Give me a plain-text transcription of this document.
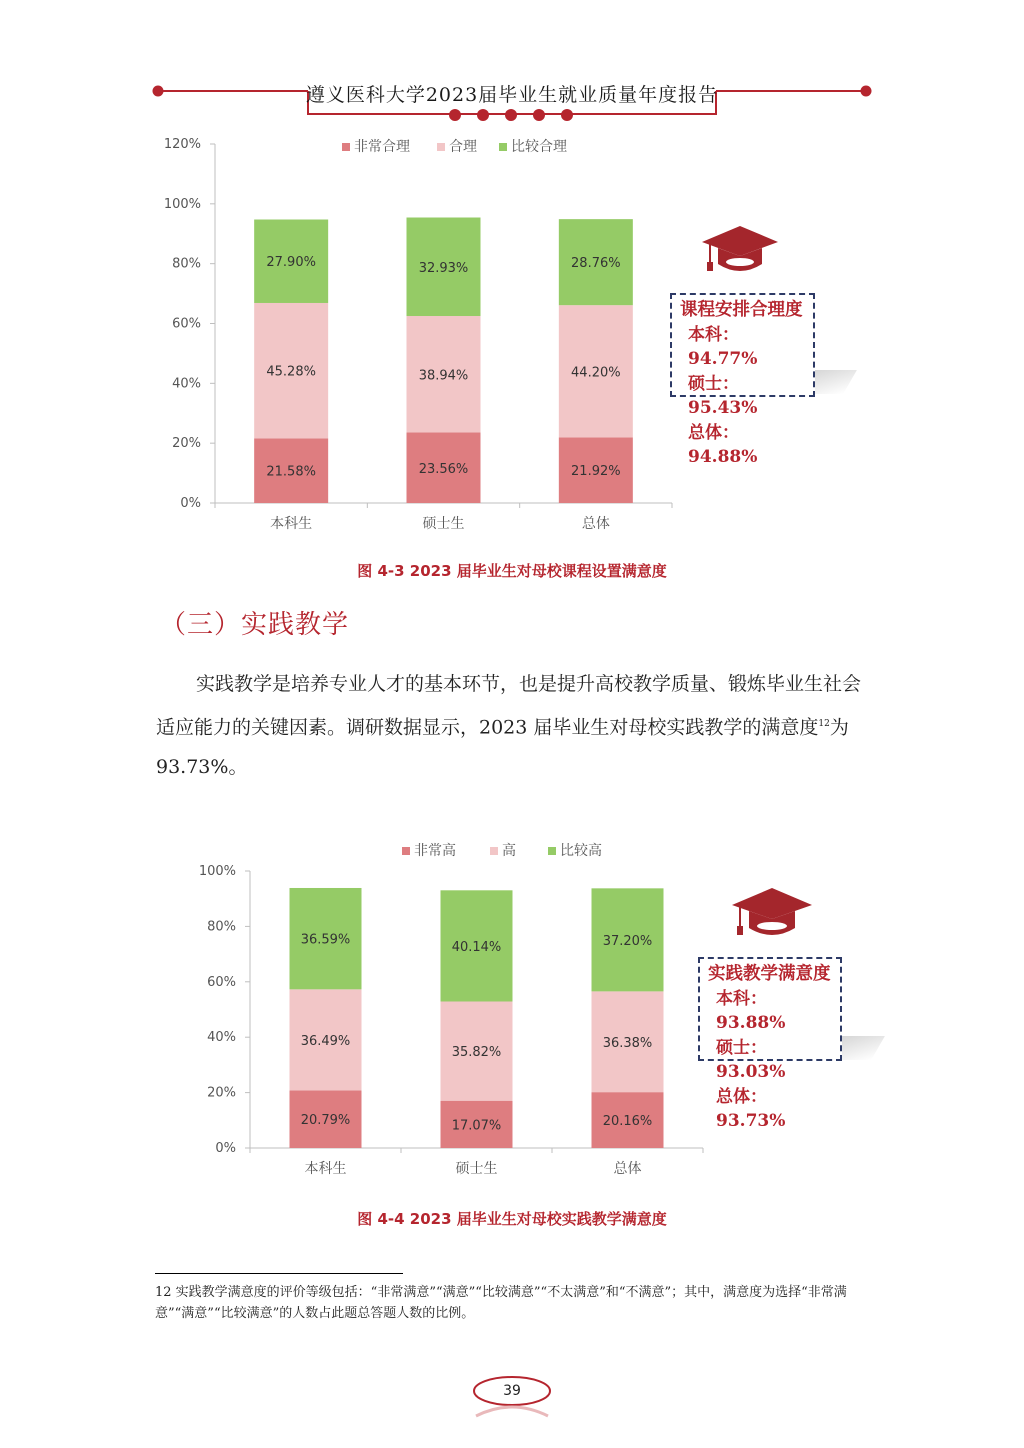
遵义医科大学2023届毕业生就业质量年度报告
0%
20%
40%
60%
80%
100%
120%
21.58%
45.28%
27.90%
本科生
23.56%
38.94%
32.93%
硕士生
21.92%
44.20%
28.76%
总体
非常合理	合理 比较合理
课程安排合理度
本科：94.77%
硕士：95.43%
总体：94.88%
图 4-3 2023 届毕业生对母校课程设置满意度
（三）实践教学

实践教学是培养专业人才的基本环节，也是提升高校教学质量、锻炼毕业生社会适应能力的关键因素。调研数据显示，2023 届毕业生对母校实践教学的满意度$^{12}$为 93.73%。

0%
20%
40%
60%
80%
100%
20.79%
36.49%
36.59%
本科生
17.07%
35.82%
40.14%
硕士生
20.16%
36.38%
37.20%
总体
非常高	高	比较高
实践教学满意度
本科：93.88%
硕士：93.03%
总体：93.73%
图 4-4 2023 届毕业生对母校实践教学满意度
12 实践教学满意度的评价等级包括：“非常满意”“满意”“比较满意”“不太满意”和“不满意”；其中，满意度为选择“非常满意”“满意”“比较满意”的人数占此题总答题人数的比例。
39
